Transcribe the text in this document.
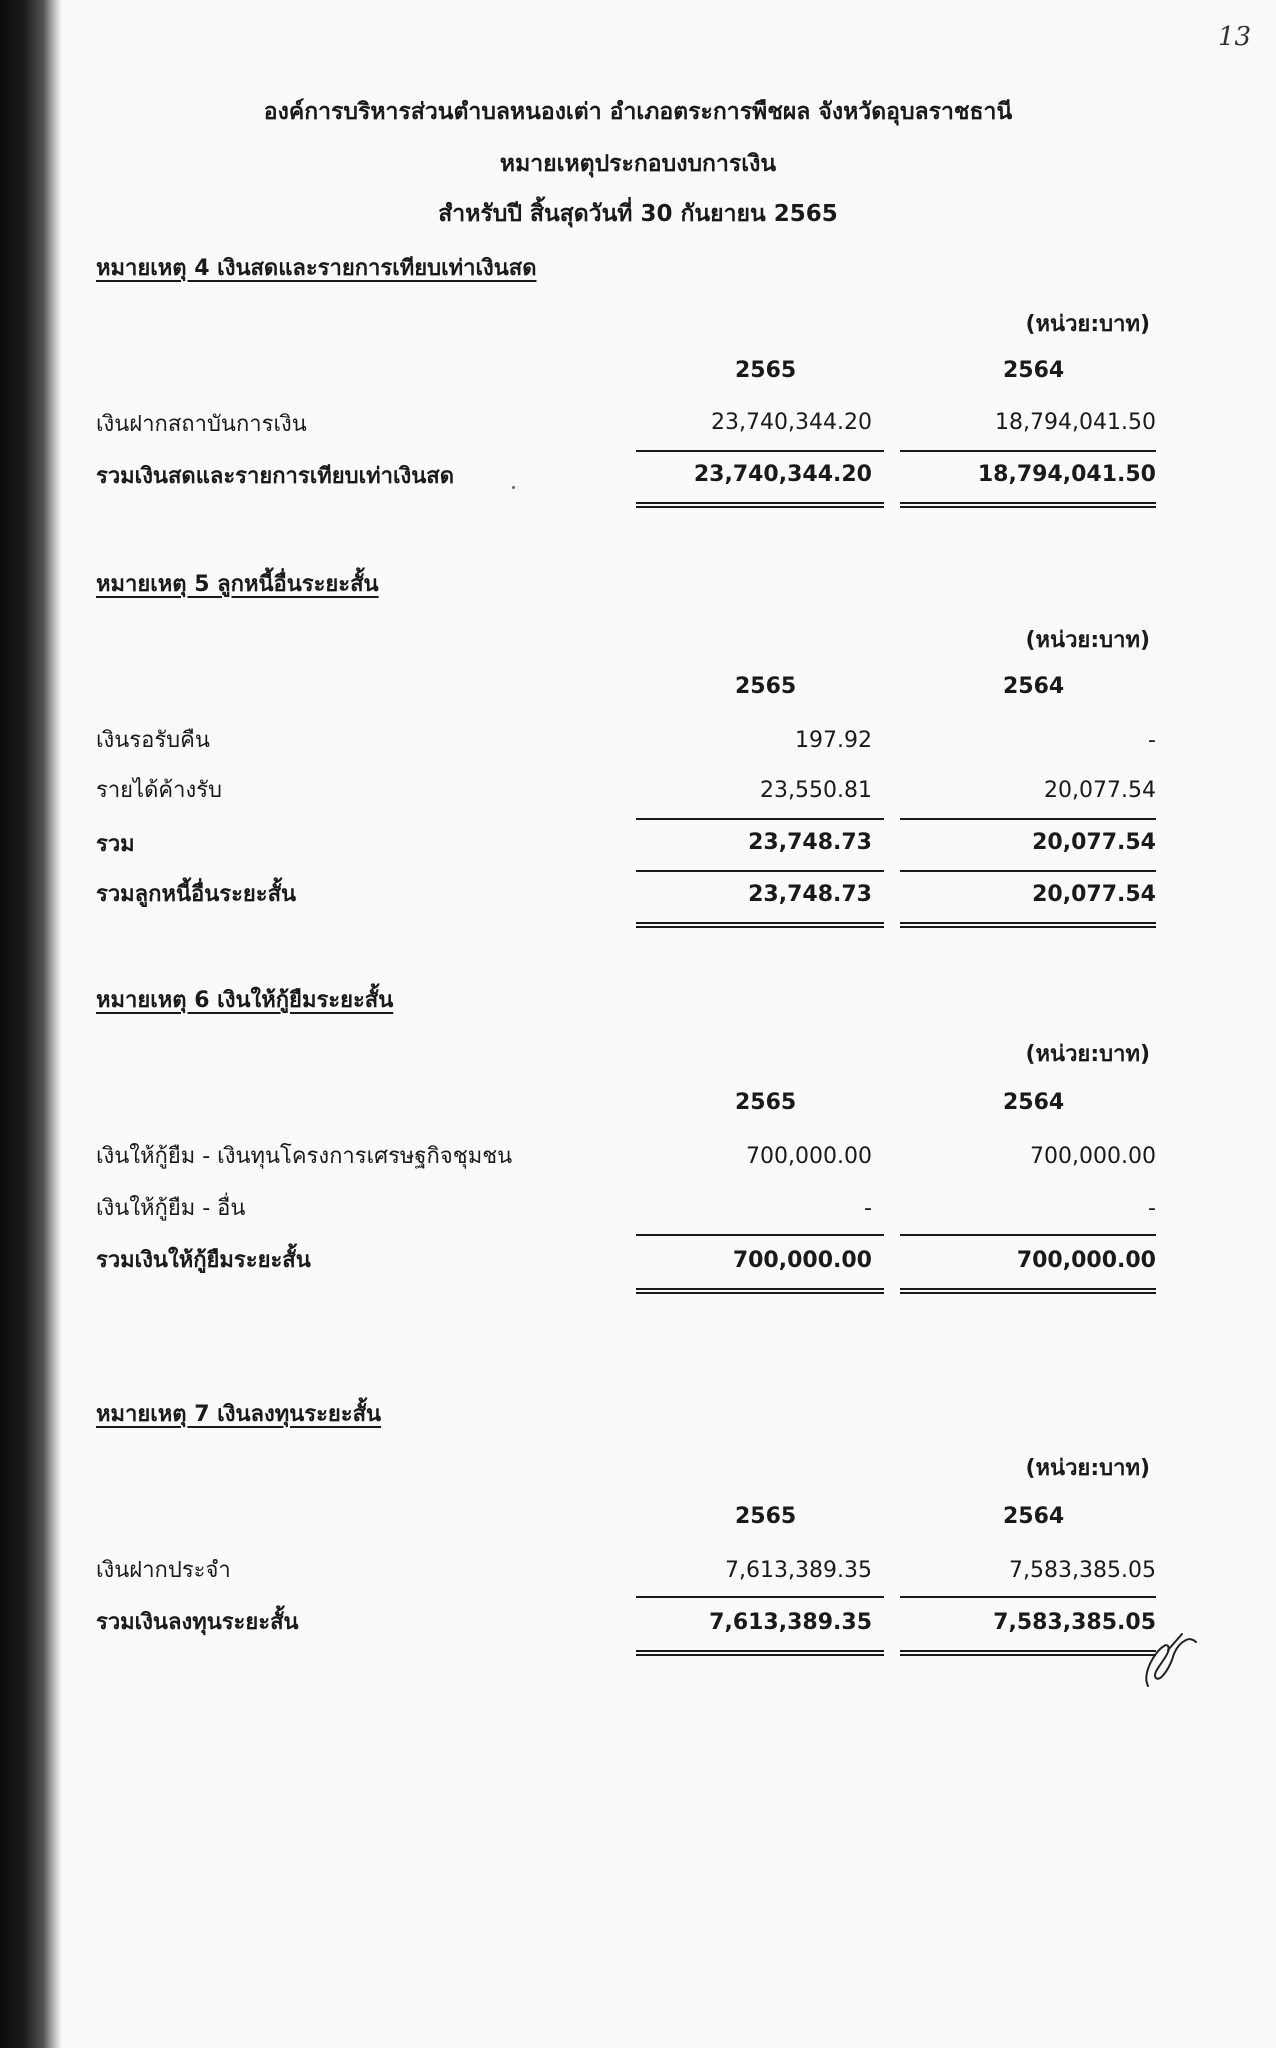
13
องค์การบริหารส่วนตำบลหนองเต่า อำเภอตระการพืชผล จังหวัดอุบลราชธานี
หมายเหตุประกอบงบการเงิน
สำหรับปี สิ้นสุดวันที่ 30 กันยายน 2565
หมายเหตุ 4 เงินสดและรายการเทียบเท่าเงินสด
(หน่วย:บาท)
2565	2564
เงินฝากสถาบันการเงิน	23,740,344.20	18,794,041.50
รวมเงินสดและรายการเทียบเท่าเงินสด	23,740,344.20	18,794,041.50
หมายเหตุ 5 ลูกหนี้อื่นระยะสั้น
(หน่วย:บาท)
2565	2564
เงินรอรับคืน	197.92	-
รายได้ค้างรับ	23,550.81	20,077.54
รวม	23,748.73	20,077.54
รวมลูกหนี้อื่นระยะสั้น	23,748.73	20,077.54
หมายเหตุ 6 เงินให้กู้ยืมระยะสั้น
(หน่วย:บาท)
2565	2564
เงินให้กู้ยืม - เงินทุนโครงการเศรษฐกิจชุมชน	700,000.00	700,000.00
เงินให้กู้ยืม - อื่น	-	-
รวมเงินให้กู้ยืมระยะสั้น	700,000.00	700,000.00
หมายเหตุ 7 เงินลงทุนระยะสั้น
(หน่วย:บาท)
2565	2564
เงินฝากประจำ	7,613,389.35	7,583,385.05
รวมเงินลงทุนระยะสั้น	7,613,389.35	7,583,385.05
